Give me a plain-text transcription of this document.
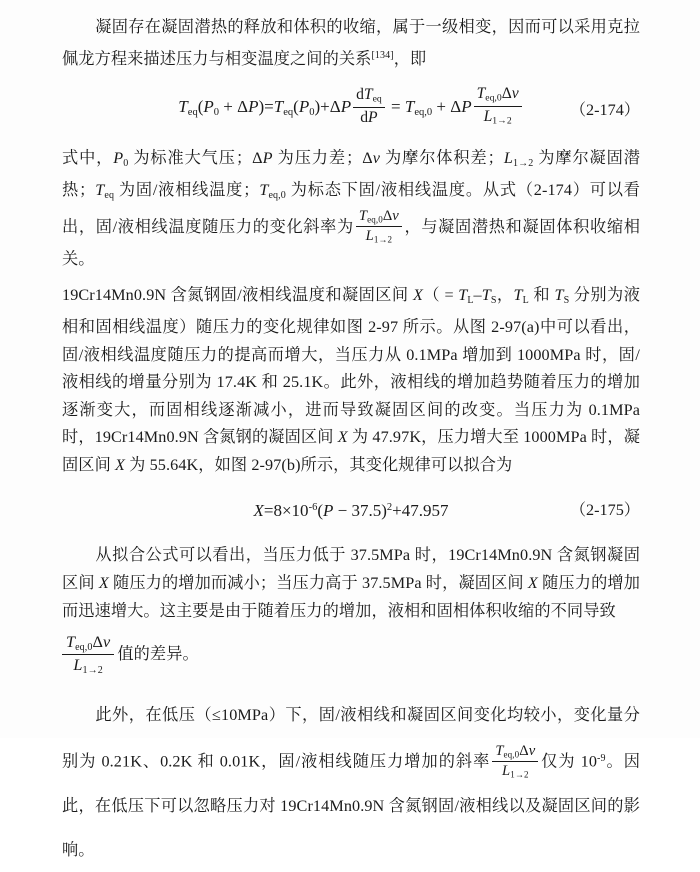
凝固存在凝固潜热的释放和体积的收缩，属于一级相变，因而可以采用克拉佩龙方程来描述压力与相变温度之间的关系[134]，即

$T_{eq}(P_0 + \Delta P)=T_{eq}(P_0)+\Delta P \frac{dT_{eq}}{dP} = T_{eq,0} + \Delta P \frac{T_{eq,0}\Delta v}{L_{1\to 2}}$	（2-174）

式中，$P_0$ 为标准大气压；ΔP 为压力差；Δv 为摩尔体积差；$L_{1\to 2}$ 为摩尔凝固潜热；$T_{eq}$ 为固/液相线温度；$T_{eq,0}$ 为标态下固/液相线温度。从式（2-174）可以看出，固/液相线温度随压力的变化斜率为 $\frac{T_{eq,0}\Delta v}{L_{1\to 2}}$ ，与凝固潜热和凝固体积收缩相关。

19Cr14Mn0.9N 含氮钢固/液相线温度和凝固区间 $X( = T_L-T_S$，$T_L$ 和 $T_S$ 分别为液相和固相线温度）随压力的变化规律如图 2-97 所示。从图 2-97(a)中可以看出，固/液相线温度随压力的提高而增大，当压力从 0.1MPa 增加到 1000MPa 时，固/液相线的增量分别为 17.4K 和 25.1K。此外，液相线的增加趋势随着压力的增加逐渐变大，而固相线逐渐减小，进而导致凝固区间的改变。当压力为 0.1MPa 时，19Cr14Mn0.9N 含氮钢的凝固区间 X 为 47.97K，压力增大至 1000MPa 时，凝固区间 X 为 55.64K，如图 2-97(b)所示，其变化规律可以拟合为

$X=8\times 10^{-6}(P - 37.5)^2+47.957$	（2-175）

从拟合公式可以看出，当压力低于 37.5MPa 时，19Cr14Mn0.9N 含氮钢凝固区间 X 随压力的增加而减小；当压力高于 37.5MPa 时，凝固区间 X 随压力的增加而迅速增大。这主要是由于随着压力的增加，液相和固相体积收缩的不同导致

$\frac{T_{eq,0}\Delta v}{L_{1\to 2}}$ 值的差异。

此外，在低压（≤10MPa）下，固/液相线和凝固区间变化均较小，变化量分别为 0.21K、0.2K 和 0.01K，固/液相线随压力增加的斜率 $\frac{T_{eq,0}\Delta v}{L_{1\to 2}}$ 仅为 $10^{-9}$。因此，在低压下可以忽略压力对 19Cr14Mn0.9N 含氮钢固/液相线以及凝固区间的影响。
